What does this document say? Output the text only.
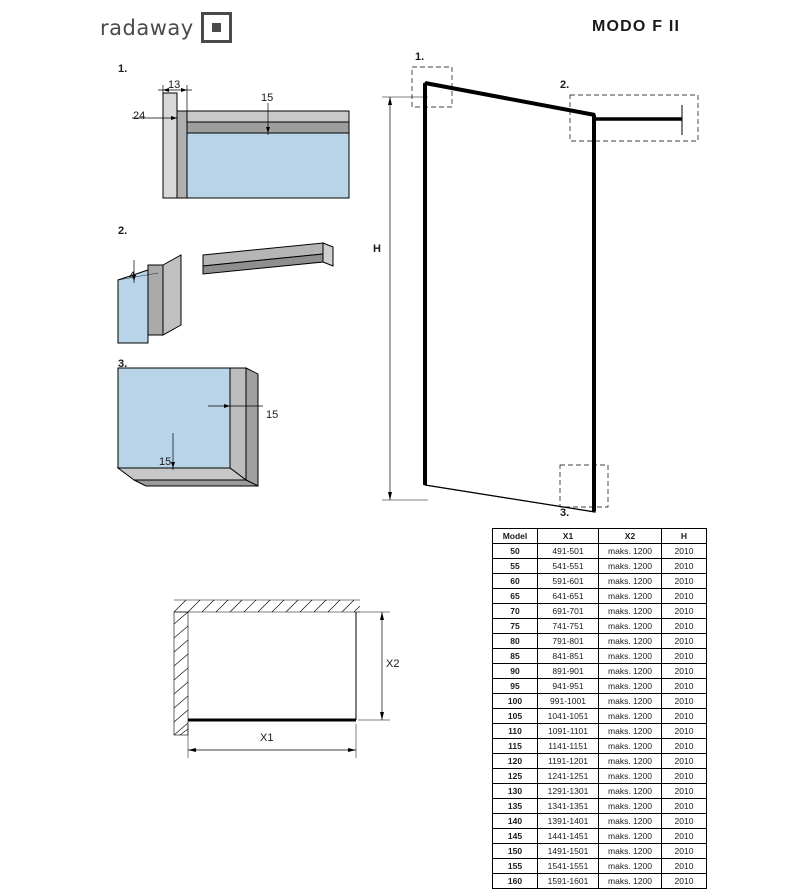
radaway	MODO F II
1.
13
24
15
2.
4
3.
15
15
1.
2.
3.
H
X1
X2
Model	X1	X2	H
50	491-501	maks. 1200	2010
55	541-551	maks. 1200	2010
60	591-601	maks. 1200	2010
65	641-651	maks. 1200	2010
70	691-701	maks. 1200	2010
75	741-751	maks. 1200	2010
80	791-801	maks. 1200	2010
85	841-851	maks. 1200	2010
90	891-901	maks. 1200	2010
95	941-951	maks. 1200	2010
100	991-1001	maks. 1200	2010
105	1041-1051	maks. 1200	2010
110	1091-1101	maks. 1200	2010
115	1141-1151	maks. 1200	2010
120	1191-1201	maks. 1200	2010
125	1241-1251	maks. 1200	2010
130	1291-1301	maks. 1200	2010
135	1341-1351	maks. 1200	2010
140	1391-1401	maks. 1200	2010
145	1441-1451	maks. 1200	2010
150	1491-1501	maks. 1200	2010
155	1541-1551	maks. 1200	2010
160	1591-1601	maks. 1200	2010
